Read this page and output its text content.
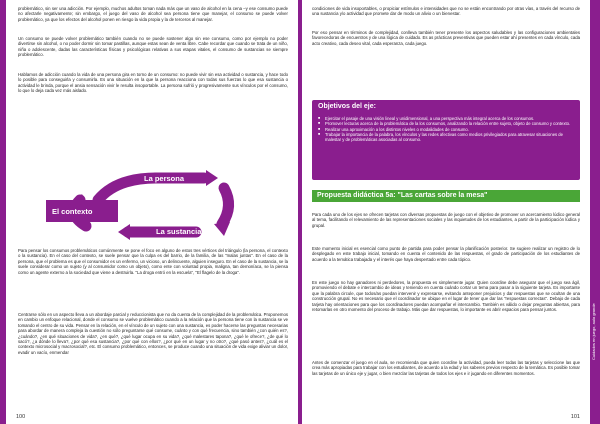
problemático, sin ser una adicción. Por ejemplo, muchos adultos toman nada más que un vaso de alcohol en la cena –y ese consumo puede no afectarle negativamente; sin embargo, el juego del vaso de alcohol sea persona tiene que manejar, el consumo se puede volver problemático, ya que los efectos del alcohol ponen en riesgo la vida propia y la de terceros al manejar.

Un consumo se puede volver problemático también cuando no se puede sostener algo sin ese consumo, como por ejemplo no poder divertirse sin alcohol, o no poder dormir sin tomar pastillas, aunque estas sean de venta libre. Cabe recordar que cuando se trata de un niño, niña o adolescente, dadas las características físicas y psicológicas relativas a sus etapas vitales, el consumo de sustancias se siempre problemático.

Hablamos de adicción cuando la vida de una persona gira en torno de un consumo: no puede vivir sin esa actividad o sustancia, y hace todo lo posible para conseguirla y consumirla. Es una situación en la que la persona reacciona con todas sus fuerzas lo que esa sustancia o actividad le brinda, porque el ansia sensación vivir le resulta insoportable. La persona sufrió y progresivamente sus vínculos por el consumo, lo que lo deja cada vez más aislado.

La persona
El contexto
La sustancia

Para pensar los consumos problemáticos comúnmente se pone el foco en alguno de estos tres vértices del triángulo (la persona, el contexto o la sustancia). En el caso del contexto, se suele pensar que la culpa es del barrio, de la familia, de las "malas juntas". En el caso de la persona, que el problema es que el consumidor es un enfermo, un vicioso, un delincuente, alguien inseguro. En el caso de la sustancia, se la suele considerar como un sujeto (y al consumidor como un objeto), como ente con voluntad propia, maligna, tan demoníaca, se la piensa como un agente externo a la sociedad que viene a destruirla. "La droga entró en la escuela", "El flagelo de la droga".

Centrarse sólo en un aspecto lleva a un abordaje parcial y reduccionista que no da cuenta de la complejidad de la problemática. Proponemos en cambio un enfoque relacional, donde el consumo se vuelve problemático cuando a la relación que la persona tiene con la sustancia se ve tomando el centro de su vida. Pensar en la relación, en el vínculo de un sujeto con una sustancia, es poder hacerse las preguntas necesarias para abordar de manera compleja la cuestión no sólo preguntarse qué consume, cuánto y con qué frecuencia, sino también ¿con quién es?, ¿cuándo?, ¿en qué situaciones de vida?, ¿en qué?, ¿qué lugar ocupa en su vida?, ¿qué malestares tapona?, ¿qué le ofrece?, ¿de qué lo sacó?, ¿a dónde lo lleva?, ¿por qué esa sustancia?, ¿por qué con ellos?, ¿por qué en un lugar y no otro?, ¿qué pasó antes?, ¿cuál es el contexto microsocial y macrosocial?, etc. El consumo problemático, entonces, se produce cuando una situación de vida exige aliviar un dolor, evadir un vacío, enmendar

100

condiciones de vida insoportables, o propiciar estímulos e intensidades que no se están encontrando por otras vías, a través del recurso de una sustancia y/o actividad que promete dar de modo un alivio o un bienestar.

Por eso pensar en términos de complejidad, conlleva también tener presente los aspectos saludables y las configuraciones ambientales favorecedoras de encuentros y de una lógica de cuidado. Es as prácticas preventivas que pueden estar ahí presentes en cada vínculo, cada acto creativo, cada deseo vital, cada esperanza, cada juego.

Objetivos del eje:
■ Ejercitar el pasaje de una visión lineal y unidimensional, a una perspectiva más integral acerca de los consumos.
■ Promover lecturas acerca de la problemática de la los consumos, analizando la relación entre sujeto, objeto de consumo y contexto.
■ Realizar una aproximación a los distintos niveles o modalidades de consumo.
■ Trabajar la importancia de la palabra, los vínculos y las redes afectivas como medios privilegiados para atravesar situaciones de malestar y de problemáticas asociadas al consumo.
Propuesta didáctica 5a: "Las cartas sobre la mesa"

Para cada uno de los ejes se ofrecen tarjetas con diversas propuestas de juego con el objetivo de promover un acercamiento lúdico general al tema, facilitando el relevamiento de las representaciones sociales y las inquietudes de los estudiantes, a partir de la participación lúdica y grupal.

Este momento inicial es esencial como punto de partida para poder pensar la planificación posterior. Se sugiere realizar un registro de lo desplegado en este trabajo inicial, tomando en cuenta el contenido de las respuestas, el grado de participación de los estudiantes de acuerdo a la temática trabajada y el interés que haya despertado entre cada tópico.

En este juego no hay ganadores ni perdedores, la propuesta es simplemente jugar. Quien coordine debe asegurar que el juego sea ágil, promoviendo el debate e intercambio de ideas y teniendo en cuenta cuándo cortar un tema para pasar a la siguiente tarjeta. Es importante que la palabra circule, que todos/as puedan intervenir y expresarse, evitando anteponer prejuicios y dar respuestas que se ocultan de una construcción grupal. No es necesario que el coordinador se ubique en el lugar de tener que dar las "respuestas correctas". Debajo de cada tarjeta hay orientaciones para que los coordinadores puedan acompañar el intercambio. También es válido o dejar preguntas abiertas, para retomarlas en otro momento del proceso de trabajo. Más que dar respuestas, lo importante es abrir espacios para pensar juntos.

Antes de comenzar el juego en el aula, se recomienda que quien coordine la actividad, pueda leer todas las tarjetas y seleccione las que crea más apropiadas para trabajar con los estudiantes, de acuerdo a la edad y los saberes previos respecto de la temática. Es posible tomar las tarjetas de un único eje y jugar, o bien mezclar las tarjetas de todos los ejes e ir jugando en diferentes momentos.

101
Cuidados en juego, aula grande
